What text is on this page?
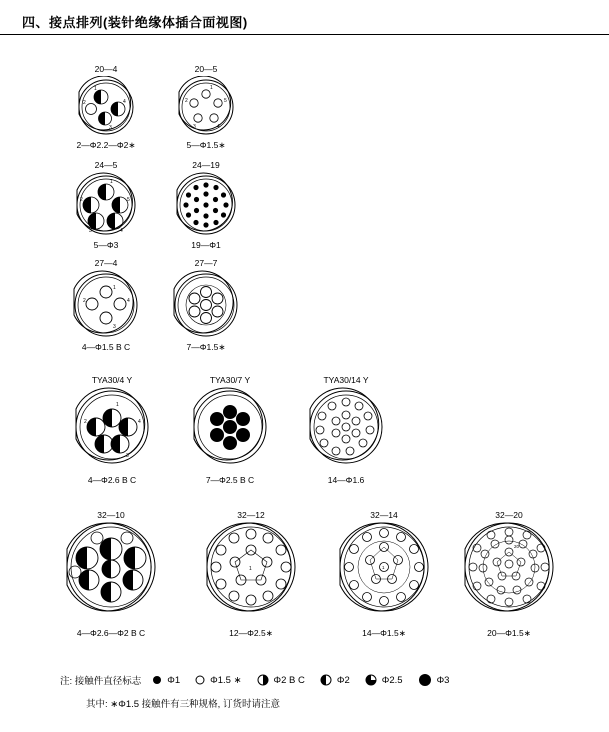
四、接点排列(装针绝缘体插合面视图)
20—4
1
4
3
2
2—Φ2.2—Φ2∗
20—5
1
5
4
3
2
5—Φ1.5∗
24—5
1
5
4
3
2
5—Φ3
24—19
19—Φ1
27—4
1
4
3
2
4—Φ1.5 B C
27—7
7—Φ1.5∗
TYA30/4 Y
1
4
3
2
4—Φ2.6 B C
TYA30/7 Y
7—Φ2.5 B C
TYA30/14 Y
14—Φ1.6
32—10
4—Φ2.6—Φ2 B C
32—12
1
12—Φ2.5∗
32—14
1
14—Φ1.5∗
32—20
20
20—Φ1.5∗
注: 接触件直径标志	Φ1	Φ1.5 ∗	Φ2 B C	Φ2	Φ2.5	Φ3
其中: ∗Φ1.5 接触件有三种规格, 订货时请注意
